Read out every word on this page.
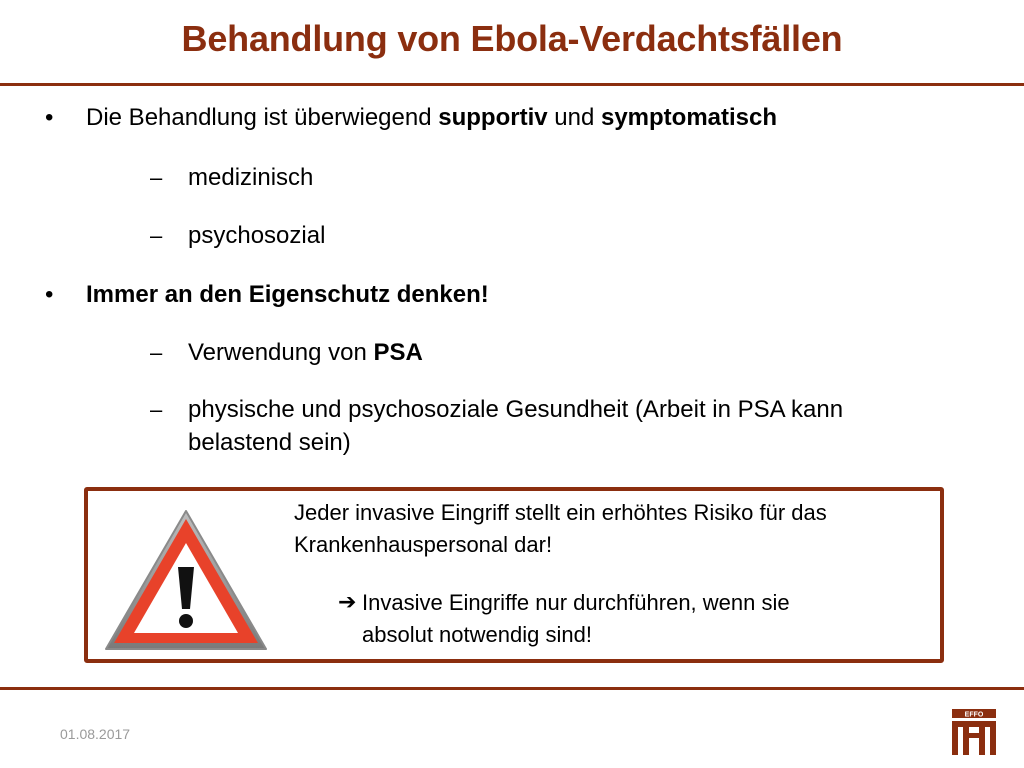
Behandlung von Ebola-Verdachtsfällen
• Die Behandlung ist überwiegend supportiv und symptomatisch
– medizinisch
– psychosozial
• Immer an den Eigenschutz denken!
– Verwendung von PSA
– physische und psychosoziale Gesundheit (Arbeit in PSA kann
belastend sein)
Jeder invasive Eingriff stellt ein erhöhtes Risiko für das
Krankenhauspersonal dar!
➔ Invasive Eingriffe nur durchführen, wenn sie
absolut notwendig sind!
01.08.2017
EFFO
